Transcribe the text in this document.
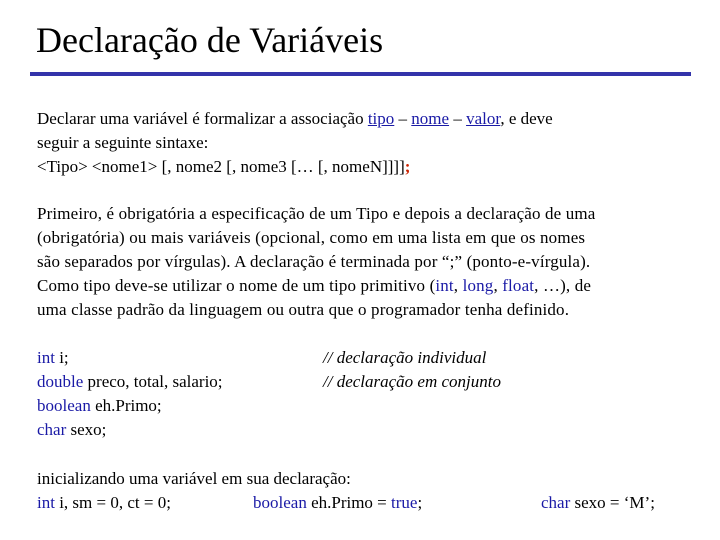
Declaração de Variáveis
Declarar uma variável é formalizar a associação tipo – nome – valor, e deve
seguir a seguinte sintaxe:
<Tipo> <nome1> [, nome2 [, nome3 [… [, nomeN]]]];
Primeiro, é obrigatória a especificação de um Tipo e depois a declaração de uma
(obrigatória) ou mais variáveis (opcional, como em uma lista em que os nomes
são separados por vírgulas). A declaração é terminada por “;” (ponto-e-vírgula).
Como tipo deve-se utilizar o nome de um tipo primitivo (int, long, float, …), de
uma classe padrão da linguagem ou outra que o programador tenha definido.
int i;
double preco, total, salario;
boolean eh.Primo;
char sexo;
// declaração individual
// declaração em conjunto
inicializando uma variável em sua declaração:
int i, sm = 0, ct = 0;	boolean eh.Primo = true;	char sexo = ‘M’;
